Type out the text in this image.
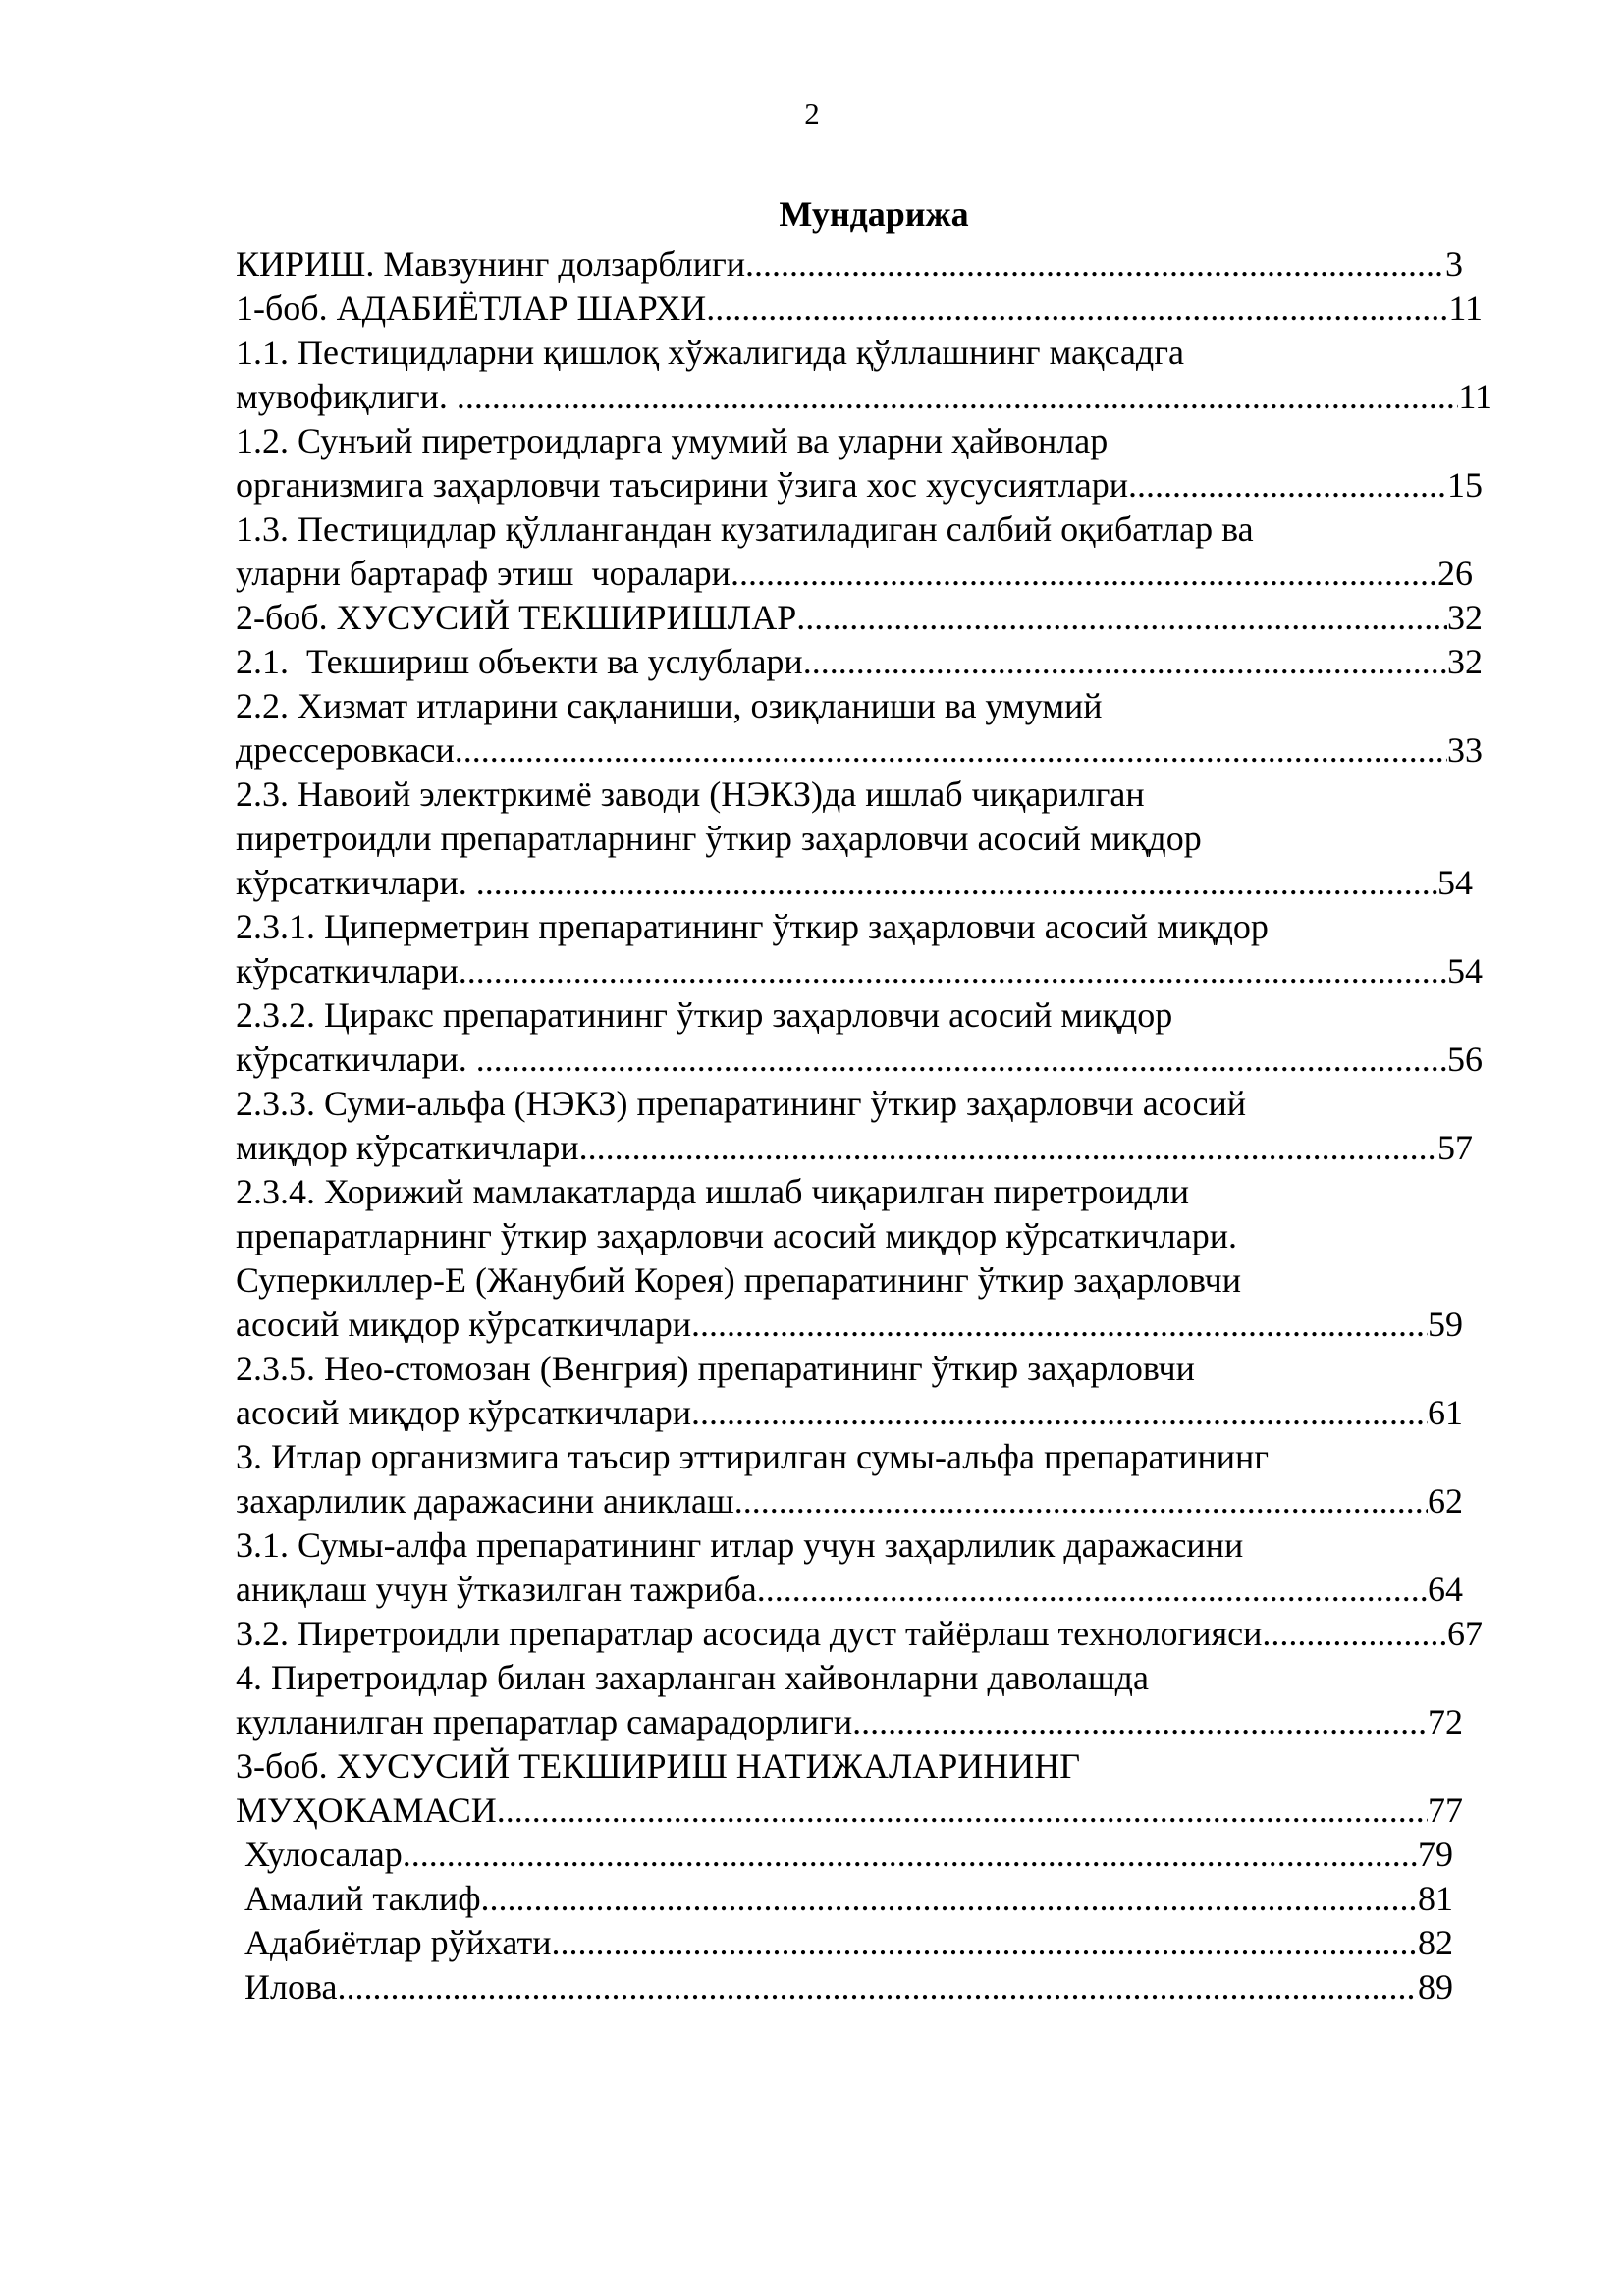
2
Мундарижа
КИРИШ. Мавзунинг долзарблиги .....	3
1-боб. АДАБИЁТЛАР ШАРХИ .....	11
1.1. Пестицидларни қишлоқ хўжалигида қўллашнинг мақсадга
мувофиқлиги. .....	11
1.2. Сунъий пиретроидларга умумий ва уларни ҳайвонлар
организмига заҳарловчи таъсирини ўзига хос хусусиятлари .....	15
1.3. Пестицидлар қўллангандан кузатиладиган салбий оқибатлар ва
уларни бартараф этиш  чоралари .....	26
2-боб. ХУСУСИЙ ТЕКШИРИШЛАР .....	32
2.1.  Текшириш объекти ва услублари .....	32
2.2. Хизмат итларини сақланиши, озиқланиши ва умумий
дрессеровкаси .....	33
2.3. Навоий электркимё заводи (НЭКЗ)да ишлаб чиқарилган
пиретроидли препаратларнинг ўткир заҳарловчи асосий миқдор
кўрсаткичлари. .....	54
2.3.1. Циперметрин препаратининг ўткир заҳарловчи асосий миқдор
кўрсаткичлари .....	54
2.3.2. Циракс препаратининг ўткир заҳарловчи асосий миқдор
кўрсаткичлари. .....	56
2.3.3. Суми-альфа (НЭКЗ) препаратининг ўткир заҳарловчи асосий
миқдор кўрсаткичлари .....	57
2.3.4. Хорижий мамлакатларда ишлаб чиқарилган пиретроидли
препаратларнинг ўткир заҳарловчи асосий миқдор кўрсаткичлари.
Суперкиллер-Е (Жанубий Корея) препаратининг ўткир заҳарловчи
асосий миқдор кўрсаткичлари .....	59
2.3.5. Нео-стомозан (Венгрия) препаратининг ўткир заҳарловчи
асосий миқдор кўрсаткичлари .....	61
3. Итлар организмига таъсир эттирилган сумы-альфа препаратининг
захарлилик даражасини аниклаш .....	62
3.1. Сумы-алфа препаратининг итлар учун заҳарлилик даражасини
аниқлаш учун ўтказилган тажриба .....	64
3.2. Пиретроидли препаратлар асосида дуст тайёрлаш технологияси .....	67
4. Пиретроидлар билан захарланган хайвонларни даволашда
кулланилган препаратлар самарадорлиги .....	72
3-боб. ХУСУСИЙ ТЕКШИРИШ НАТИЖАЛАРИНИНГ
МУҲОКАМАСИ .....	77
Хулосалар .....	79
Амалий таклиф .....	81
Адабиётлар рўйхати .....	82
Илова .....	89
